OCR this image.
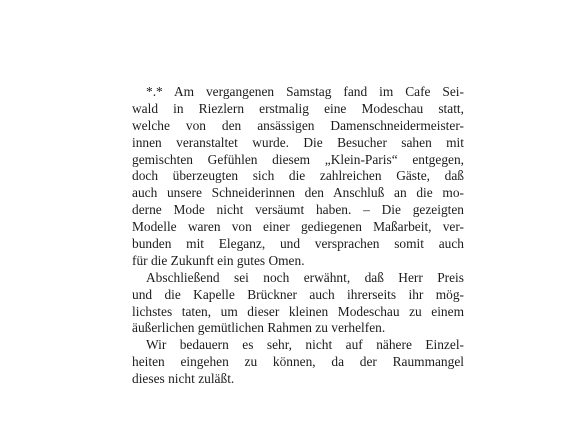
*.* Am vergangenen Samstag fand im Cafe Sei-
wald in Riezlern erstmalig eine Modeschau statt,
welche von den ansässigen Damenschneidermeister-
innen veranstaltet wurde. Die Besucher sahen mit
gemischten Gefühlen diesem „Klein-Paris“ entgegen,
doch überzeugten sich die zahlreichen Gäste, daß
auch unsere Schneiderinnen den Anschluß an die mo-
derne Mode nicht versäumt haben. – Die gezeigten
Modelle waren von einer gediegenen Maßarbeit, ver-
bunden mit Eleganz, und versprachen somit auch
für die Zukunft ein gutes Omen.
Abschließend sei noch erwähnt, daß Herr Preis
und die Kapelle Brückner auch ihrerseits ihr mög-
lichstes taten, um dieser kleinen Modeschau zu einem
äußerlichen gemütlichen Rahmen zu verhelfen.
Wir bedauern es sehr, nicht auf nähere Einzel-
heiten eingehen zu können, da der Raummangel
dieses nicht zuläßt.
